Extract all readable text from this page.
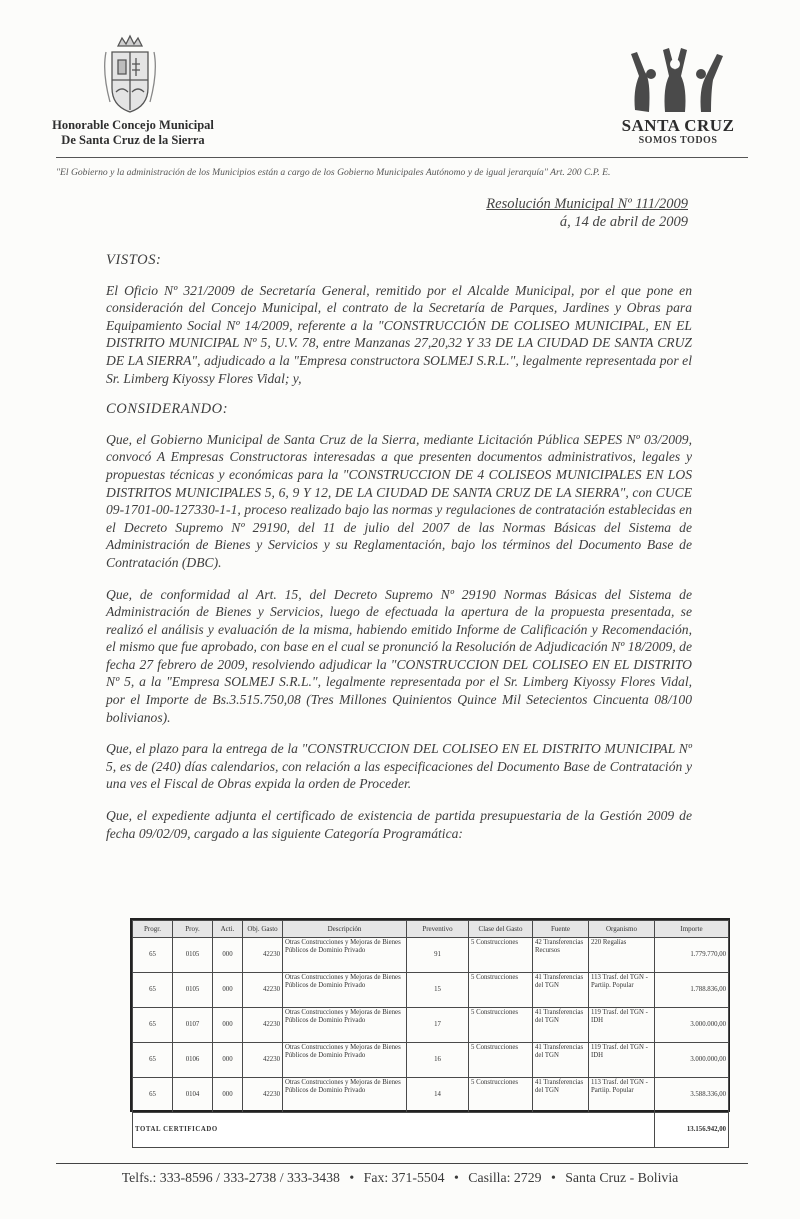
Honorable Concejo Municipal
De Santa Cruz de la Sierra
SANTA CRUZ
SOMOS TODOS
"El Gobierno y la administración de los Municipios están a cargo de los Gobierno Municipales Autónomo y de igual jerarquía" Art. 200 C.P. E.
Resolución Municipal Nº 111/2009
á, 14 de abril de 2009
VISTOS:

El Oficio Nº 321/2009 de Secretaría General, remitido por el Alcalde Municipal, por el que pone en consideración del Concejo Municipal, el contrato de la Secretaría de Parques, Jardines y Obras para Equipamiento Social Nº 14/2009, referente a la "CONSTRUCCIÓN DE COLISEO MUNICIPAL, EN EL DISTRITO MUNICIPAL Nº 5, U.V. 78, entre Manzanas 27,20,32 Y 33 DE LA CIUDAD DE SANTA CRUZ DE LA SIERRA", adjudicado a la "Empresa constructora SOLMEJ S.R.L.", legalmente representada por el Sr. Limberg Kiyossy Flores Vidal; y,

CONSIDERANDO:

Que, el Gobierno Municipal de Santa Cruz de la Sierra, mediante Licitación Pública SEPES Nº 03/2009, convocó A Empresas Constructoras interesadas a que presenten documentos administrativos, legales y propuestas técnicas y económicas para la "CONSTRUCCION DE 4 COLISEOS MUNICIPALES EN LOS DISTRITOS MUNICIPALES 5, 6, 9 Y 12, DE LA CIUDAD DE SANTA CRUZ DE LA SIERRA", con CUCE 09-1701-00-127330-1-1, proceso realizado bajo las normas y regulaciones de contratación establecidas en el Decreto Supremo Nº 29190, del 11 de julio del 2007 de las Normas Básicas del Sistema de Administración de Bienes y Servicios y su Reglamentación, bajo los términos del Documento Base de Contratación (DBC).

Que, de conformidad al Art. 15, del Decreto Supremo Nº 29190 Normas Básicas del Sistema de Administración de Bienes y Servicios, luego de efectuada la apertura de la propuesta presentada, se realizó el análisis y evaluación de la misma, habiendo emitido Informe de Calificación y Recomendación, el mismo que fue aprobado, con base en el cual se pronunció la Resolución de Adjudicación Nº 18/2009, de fecha 27 febrero de 2009, resolviendo adjudicar la "CONSTRUCCION DEL COLISEO EN EL DISTRITO Nº 5, a la "Empresa SOLMEJ S.R.L.", legalmente representada por el Sr. Limberg Kiyossy Flores Vidal, por el Importe de Bs.3.515.750,08 (Tres Millones Quinientos Quince Mil Setecientos Cincuenta 08/100 bolivianos).

Que, el plazo para la entrega de la "CONSTRUCCION DEL COLISEO EN EL DISTRITO MUNICIPAL Nº 5, es de (240) días calendarios, con relación a las especificaciones del Documento Base de Contratación y una ves el Fiscal de Obras expida la orden de Proceder.

Que, el expediente adjunta el certificado de existencia de partida presupuestaria de la Gestión 2009 de fecha 09/02/09, cargado a las siguiente Categoría Programática:

Progr.	Proy.	Acti.	Obj. Gasto	Descripción	Preventivo	Clase del Gasto	Fuente	Organismo	Importe
65	0105	000	42230	Otras Construcciones y Mejoras de Bienes Públicos de Dominio Privado	91	5 Construcciones	42 Transferencias Recursos	220 Regalías	1.779.770,00
65	0105	000	42230	Otras Construcciones y Mejoras de Bienes Públicos de Dominio Privado	15	5 Construcciones	41 Transferencias del TGN	113 Trasf. del TGN - Partiip. Popular	1.788.836,00
65	0107	000	42230	Otras Construcciones y Mejoras de Bienes Públicos de Dominio Privado	17	5 Construcciones	41 Transferencias del TGN	119 Trasf. del TGN - IDH	3.000.000,00
65	0106	000	42230	Otras Construcciones y Mejoras de Bienes Públicos de Dominio Privado	16	5 Construcciones	41 Transferencias del TGN	119 Trasf. del TGN - IDH	3.000.000,00
65	0104	000	42230	Otras Construcciones y Mejoras de Bienes Públicos de Dominio Privado	14	5 Construcciones	41 Transferencias del TGN	113 Trasf. del TGN - Partiip. Popular	3.588.336,00
TOTAL CERTIFICADO									13.156.942,00
Telfs.: 333-8596 / 333-2738 / 333-3438 • Fax: 371-5504 • Casilla: 2729 • Santa Cruz - Bolivia
